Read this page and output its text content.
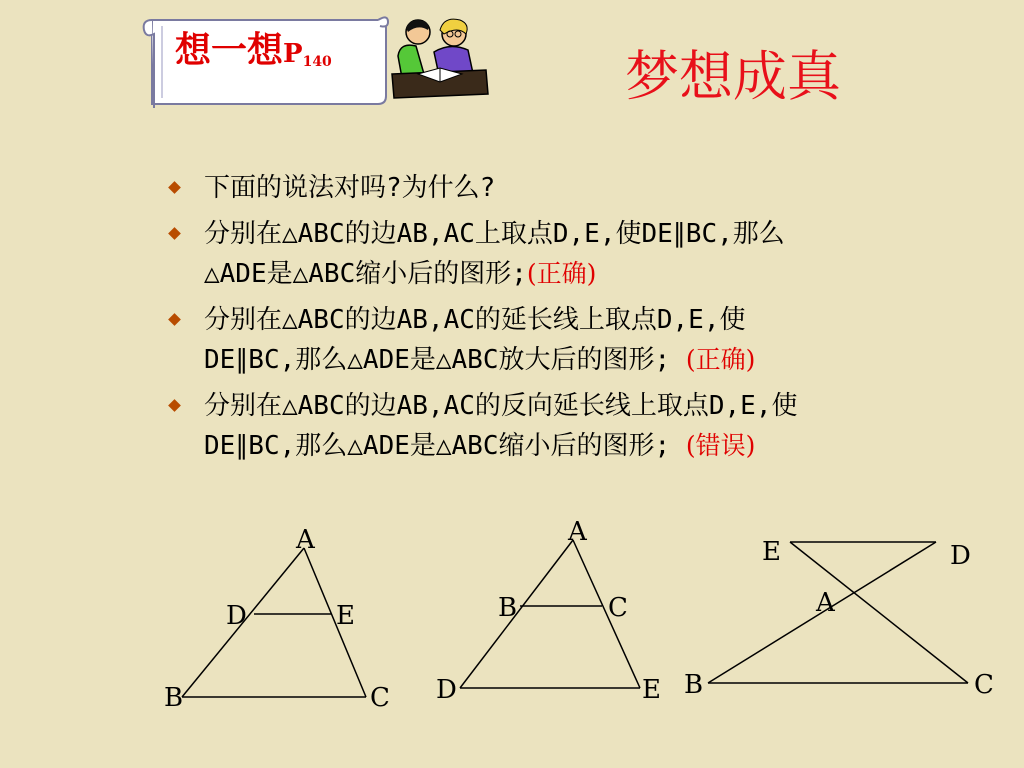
想一想$P_{140}$	梦想成真
下面的说法对吗?为什么?
分别在△ABC的边AB,AC上取点D,E,使DE∥BC,那么
△ADE是△ABC缩小后的图形;(正确)
分别在△ABC的边AB,AC的延长线上取点D,E,使
DE∥BC,那么△ADE是△ABC放大后的图形; (正确)
分别在△ABC的边AB,AC的反向延长线上取点D,E,使
DE∥BC,那么△ADE是△ABC缩小后的图形; (错误)
A
D	E
B	C
A
B	C
D	E
E	D
A
B	C
